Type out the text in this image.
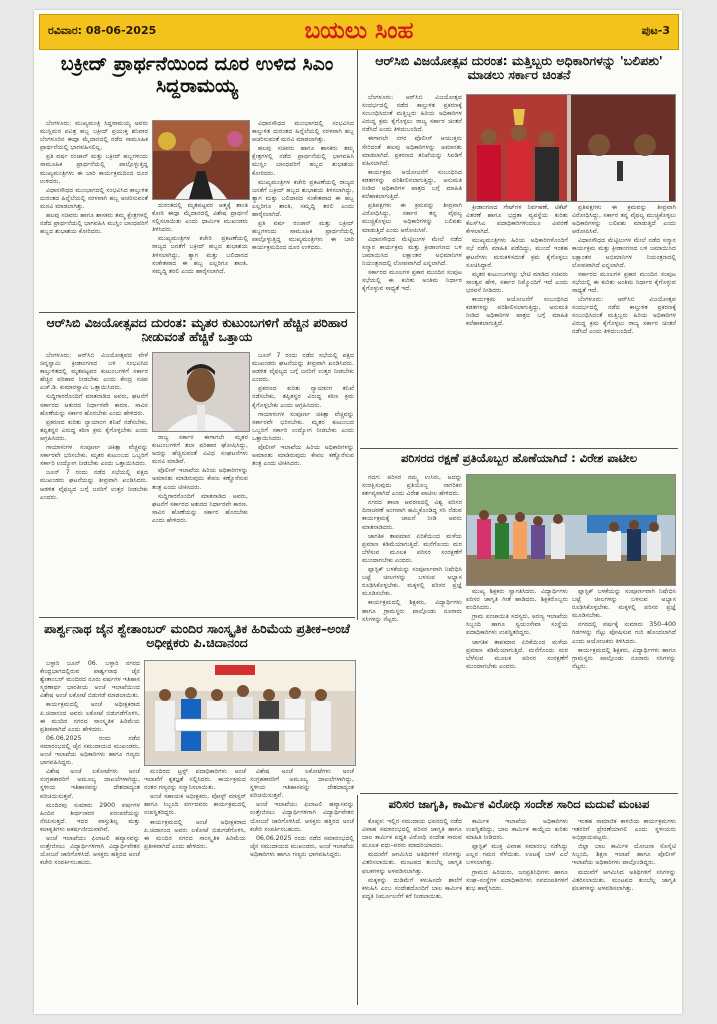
ರವಿವಾರ: 08-06-2025	ಬಯಲು ಸಿಂಹ	ಪುಟ-3
ಬಕ್ರೀದ್ ಪ್ರಾರ್ಥನೆಯಿಂದ ದೂರ ಉಳಿದ ಸಿಎಂ ಸಿದ್ದರಾಮಯ್ಯ

ಬೆಂಗಳೂರು: ಮುಖ್ಯಮಂತ್ರಿ ಸಿದ್ದರಾಮಯ್ಯ ಅವರು ಮುಸ್ಲಿಮರ ಪವಿತ್ರ ಹಬ್ಬ ಬಕ್ರೀದ್ ಪ್ರಯುಕ್ತ ಶನಿವಾರ ಬೆಂಗಳೂರಿನ ಈದ್ಗಾ ಮೈದಾನದಲ್ಲಿ ನಡೆದ ಸಾಮೂಹಿಕ ಪ್ರಾರ್ಥನೆಯಲ್ಲಿ ಭಾಗವಹಿಸಲಿಲ್ಲ.

ಪ್ರತಿ ವರ್ಷ ರಂಜಾನ್ ಮತ್ತು ಬಕ್ರೀದ್ ಹಬ್ಬಗಳಂದು ಸಾಮೂಹಿಕ ಪ್ರಾರ್ಥನೆಯಲ್ಲಿ ಪಾಲ್ಗೊಳ್ಳುತ್ತಿದ್ದ ಮುಖ್ಯಮಂತ್ರಿಗಳು ಈ ಬಾರಿ ಕಾರ್ಯಕ್ರಮದಿಂದ ದೂರ ಉಳಿದರು.

ವಿಧಾನಸೌಧದ ಮುಂಭಾಗದಲ್ಲಿ ಸಂಭವಿಸಿದ ಕಾಲ್ತುಳಿತ ದುರಂತದ ಹಿನ್ನೆಲೆಯಲ್ಲಿ ಸರಳವಾಗಿ ಹಬ್ಬ ಆಚರಿಸುವಂತೆ ಮನವಿ ಮಾಡಲಾಗಿತ್ತು.

ಹಲವು ಸಚಿವರು ಹಾಗೂ ಶಾಸಕರು ತಮ್ಮ ಕ್ಷೇತ್ರಗಳಲ್ಲಿ ನಡೆದ ಪ್ರಾರ್ಥನೆಯಲ್ಲಿ ಭಾಗವಹಿಸಿ ಮುಸ್ಲಿಂ ಬಾಂಧವರಿಗೆ ಹಬ್ಬದ ಶುಭಾಶಯ ಕೋರಿದರು.

ದುರಂತದಲ್ಲಿ ಮೃತಪಟ್ಟವರ ಆತ್ಮಕ್ಕೆ ಶಾಂತಿ ಕೋರಿ ಈದ್ಗಾ ಮೈದಾನದಲ್ಲಿ ವಿಶೇಷ ಪ್ರಾರ್ಥನೆ ಸಲ್ಲಿಸಲಾಯಿತು ಎಂದು ಧಾರ್ಮಿಕ ಮುಖಂಡರು ತಿಳಿಸಿದರು.

ಮುಖ್ಯಮಂತ್ರಿಗಳ ಕಚೇರಿ ಪ್ರಕಟಣೆಯಲ್ಲಿ ರಾಜ್ಯದ ಜನತೆಗೆ ಬಕ್ರೀದ್ ಹಬ್ಬದ ಶುಭಾಶಯ ತಿಳಿಸಲಾಗಿದ್ದು, ತ್ಯಾಗ ಮತ್ತು ಬಲಿದಾನದ ಸಂಕೇತವಾದ ಈ ಹಬ್ಬ ಎಲ್ಲರಿಗೂ ಶಾಂತಿ, ಸಮೃದ್ಧಿ ತರಲಿ ಎಂದು ಹಾರೈಸಲಾಗಿದೆ.

ವಿಧಾನಸೌಧದ ಮುಂಭಾಗದಲ್ಲಿ ಸಂಭವಿಸಿದ ಕಾಲ್ತುಳಿತ ದುರಂತದ ಹಿನ್ನೆಲೆಯಲ್ಲಿ ಸರಳವಾಗಿ ಹಬ್ಬ ಆಚರಿಸುವಂತೆ ಮನವಿ ಮಾಡಲಾಗಿತ್ತು.

ಹಲವು ಸಚಿವರು ಹಾಗೂ ಶಾಸಕರು ತಮ್ಮ ಕ್ಷೇತ್ರಗಳಲ್ಲಿ ನಡೆದ ಪ್ರಾರ್ಥನೆಯಲ್ಲಿ ಭಾಗವಹಿಸಿ ಮುಸ್ಲಿಂ ಬಾಂಧವರಿಗೆ ಹಬ್ಬದ ಶುಭಾಶಯ ಕೋರಿದರು.

ಮುಖ್ಯಮಂತ್ರಿಗಳ ಕಚೇರಿ ಪ್ರಕಟಣೆಯಲ್ಲಿ ರಾಜ್ಯದ ಜನತೆಗೆ ಬಕ್ರೀದ್ ಹಬ್ಬದ ಶುಭಾಶಯ ತಿಳಿಸಲಾಗಿದ್ದು, ತ್ಯಾಗ ಮತ್ತು ಬಲಿದಾನದ ಸಂಕೇತವಾದ ಈ ಹಬ್ಬ ಎಲ್ಲರಿಗೂ ಶಾಂತಿ, ಸಮೃದ್ಧಿ ತರಲಿ ಎಂದು ಹಾರೈಸಲಾಗಿದೆ.

ಪ್ರತಿ ವರ್ಷ ರಂಜಾನ್ ಮತ್ತು ಬಕ್ರೀದ್ ಹಬ್ಬಗಳಂದು ಸಾಮೂಹಿಕ ಪ್ರಾರ್ಥನೆಯಲ್ಲಿ ಪಾಲ್ಗೊಳ್ಳುತ್ತಿದ್ದ ಮುಖ್ಯಮಂತ್ರಿಗಳು ಈ ಬಾರಿ ಕಾರ್ಯಕ್ರಮದಿಂದ ದೂರ ಉಳಿದರು.

ಆರ್‌ಸಿಬಿ ವಿಜಯೋತ್ಸವದ ದುರಂತ: ಮೃತರ ಕುಟುಂಬಗಳಿಗೆ ಹೆಚ್ಚಿನ ಪರಿಹಾರ ನೀಡುವಂತೆ ಹೆಚ್ಚಿಕೆ ಒತ್ತಾಯ

ಬೆಂಗಳೂರು: ಆರ್‌ಸಿಬಿ ವಿಜಯೋತ್ಸವದ ವೇಳೆ ಚಿನ್ನಸ್ವಾಮಿ ಕ್ರೀಡಾಂಗಣದ ಬಳಿ ಸಂಭವಿಸಿದ ಕಾಲ್ತುಳಿತದಲ್ಲಿ ಮೃತಪಟ್ಟವರ ಕುಟುಂಬಗಳಿಗೆ ಸರ್ಕಾರ ಹೆಚ್ಚಿನ ಪರಿಹಾರ ನೀಡಬೇಕು ಎಂದು ಕೇಂದ್ರ ಸಚಿವ ಎಚ್.ಡಿ. ಕುಮಾರಸ್ವಾಮಿ ಒತ್ತಾಯಿಸಿದರು.

ಸುದ್ದಿಗಾರರೊಂದಿಗೆ ಮಾತನಾಡಿದ ಅವರು, ಘಟನೆಗೆ ಸರ್ಕಾರದ ಆತುರದ ನಿರ್ಧಾರವೇ ಕಾರಣ. ಸಾವಿನ ಹೊಣೆಯನ್ನು ಸರ್ಕಾರ ಹೊರಬೇಕು ಎಂದು ಹೇಳಿದರು.

ಪ್ರಕರಣದ ಕುರಿತು ನ್ಯಾಯಾಂಗ ತನಿಖೆ ನಡೆಸಬೇಕು, ತಪ್ಪಿತಸ್ಥರ ವಿರುದ್ಧ ಕಠಿಣ ಕ್ರಮ ಕೈಗೊಳ್ಳಬೇಕು ಎಂದು ಆಗ್ರಹಿಸಿದರು.

ಗಾಯಾಳುಗಳ ಸಂಪೂರ್ಣ ಚಿಕಿತ್ಸಾ ವೆಚ್ಚವನ್ನು ಸರ್ಕಾರವೇ ಭರಿಸಬೇಕು. ಮೃತರ ಕುಟುಂಬದ ಒಬ್ಬರಿಗೆ ಸರ್ಕಾರಿ ಉದ್ಯೋಗ ನೀಡಬೇಕು ಎಂದು ಒತ್ತಾಯಿಸಿದರು.

ಜೂನ್ 7 ರಂದು ನಡೆದ ಸಭೆಯಲ್ಲಿ ಪಕ್ಷದ ಮುಖಂಡರು ಘಟನೆಯನ್ನು ತೀವ್ರವಾಗಿ ಖಂಡಿಸಿದರು. ಆಡಳಿತ ವೈಫಲ್ಯದ ಬಗ್ಗೆ ಜನರಿಗೆ ಉತ್ತರ ನೀಡಬೇಕು ಎಂದರು.

ರಾಜ್ಯ ಸರ್ಕಾರ ಈಗಾಗಲೇ ಮೃತರ ಕುಟುಂಬಗಳಿಗೆ ತಲಾ ಪರಿಹಾರ ಘೋಷಿಸಿದ್ದು, ಅದನ್ನು ಹೆಚ್ಚಿಸುವಂತೆ ವಿವಿಧ ಸಂಘಟನೆಗಳು ಮನವಿ ಮಾಡಿವೆ.

ಪೊಲೀಸ್ ಇಲಾಖೆಯ ಹಿರಿಯ ಅಧಿಕಾರಿಗಳನ್ನು ಅಮಾನತು ಮಾಡಿರುವುದು ಕೇವಲ ಕಣ್ಣೊರೆಸುವ ತಂತ್ರ ಎಂದು ಟೀಕಿಸಿದರು.

ಸುದ್ದಿಗಾರರೊಂದಿಗೆ ಮಾತನಾಡಿದ ಅವರು, ಘಟನೆಗೆ ಸರ್ಕಾರದ ಆತುರದ ನಿರ್ಧಾರವೇ ಕಾರಣ. ಸಾವಿನ ಹೊಣೆಯನ್ನು ಸರ್ಕಾರ ಹೊರಬೇಕು ಎಂದು ಹೇಳಿದರು.

ಜೂನ್ 7 ರಂದು ನಡೆದ ಸಭೆಯಲ್ಲಿ ಪಕ್ಷದ ಮುಖಂಡರು ಘಟನೆಯನ್ನು ತೀವ್ರವಾಗಿ ಖಂಡಿಸಿದರು. ಆಡಳಿತ ವೈಫಲ್ಯದ ಬಗ್ಗೆ ಜನರಿಗೆ ಉತ್ತರ ನೀಡಬೇಕು ಎಂದರು.

ಪ್ರಕರಣದ ಕುರಿತು ನ್ಯಾಯಾಂಗ ತನಿಖೆ ನಡೆಸಬೇಕು, ತಪ್ಪಿತಸ್ಥರ ವಿರುದ್ಧ ಕಠಿಣ ಕ್ರಮ ಕೈಗೊಳ್ಳಬೇಕು ಎಂದು ಆಗ್ರಹಿಸಿದರು.

ಗಾಯಾಳುಗಳ ಸಂಪೂರ್ಣ ಚಿಕಿತ್ಸಾ ವೆಚ್ಚವನ್ನು ಸರ್ಕಾರವೇ ಭರಿಸಬೇಕು. ಮೃತರ ಕುಟುಂಬದ ಒಬ್ಬರಿಗೆ ಸರ್ಕಾರಿ ಉದ್ಯೋಗ ನೀಡಬೇಕು ಎಂದು ಒತ್ತಾಯಿಸಿದರು.

ಪೊಲೀಸ್ ಇಲಾಖೆಯ ಹಿರಿಯ ಅಧಿಕಾರಿಗಳನ್ನು ಅಮಾನತು ಮಾಡಿರುವುದು ಕೇವಲ ಕಣ್ಣೊರೆಸುವ ತಂತ್ರ ಎಂದು ಟೀಕಿಸಿದರು.

ಆರ್‌ಸಿಬಿ ವಿಜಯೋತ್ಸವ ದುರಂತ: ಮತ್ತಿಬ್ಬರು ಅಧಿಕಾರಿಗಳನ್ನು 'ಬಲಿಪಶು' ಮಾಡಲು ಸರ್ಕಾರ ಚಿಂತನೆ

ಬೆಂಗಳೂರು: ಆರ್‌ಸಿಬಿ ವಿಜಯೋತ್ಸವ ಸಂದರ್ಭದಲ್ಲಿ ನಡೆದ ಕಾಲ್ತುಳಿತ ಪ್ರಕರಣಕ್ಕೆ ಸಂಬಂಧಿಸಿದಂತೆ ಮತ್ತಿಬ್ಬರು ಹಿರಿಯ ಅಧಿಕಾರಿಗಳ ವಿರುದ್ಧ ಕ್ರಮ ಕೈಗೊಳ್ಳಲು ರಾಜ್ಯ ಸರ್ಕಾರ ಚಿಂತನೆ ನಡೆಸಿದೆ ಎಂದು ತಿಳಿದುಬಂದಿದೆ.

ಈಗಾಗಲೇ ನಗರ ಪೊಲೀಸ್ ಆಯುಕ್ತರು ಸೇರಿದಂತೆ ಹಲವು ಅಧಿಕಾರಿಗಳನ್ನು ಅಮಾನತು ಮಾಡಲಾಗಿದೆ. ಪ್ರಕರಣದ ತನಿಖೆಯನ್ನು ಸಿಐಡಿಗೆ ವಹಿಸಲಾಗಿದೆ.

ಕಾರ್ಯಕ್ರಮ ಆಯೋಜನೆಗೆ ಸಂಬಂಧಿಸಿದ ಕಡತಗಳನ್ನು ಪರಿಶೀಲಿಸಲಾಗುತ್ತಿದ್ದು, ಅನುಮತಿ ನೀಡಿದ ಅಧಿಕಾರಿಗಳ ಪಾತ್ರದ ಬಗ್ಗೆ ಮಾಹಿತಿ ಕಲೆಹಾಕಲಾಗುತ್ತಿದೆ.

ಪ್ರತಿಪಕ್ಷಗಳು ಈ ಕ್ರಮವನ್ನು ತೀವ್ರವಾಗಿ ವಿರೋಧಿಸಿದ್ದು, ಸರ್ಕಾರ ತನ್ನ ವೈಫಲ್ಯ ಮುಚ್ಚಿಕೊಳ್ಳಲು ಅಧಿಕಾರಿಗಳನ್ನು ಬಲಿಪಶು ಮಾಡುತ್ತಿದೆ ಎಂದು ಆರೋಪಿಸಿವೆ.

ವಿಧಾನಸೌಧದ ಮೆಟ್ಟಿಲುಗಳ ಮೇಲೆ ನಡೆದ ಸನ್ಮಾನ ಕಾರ್ಯಕ್ರಮ ಮತ್ತು ಕ್ರೀಡಾಂಗಣದ ಬಳಿ ಜಮಾಯಿಸಿದ ಲಕ್ಷಾಂತರ ಅಭಿಮಾನಿಗಳ ನಿಯಂತ್ರಣದಲ್ಲಿ ಲೋಪವಾಗಿದೆ ಎನ್ನಲಾಗಿದೆ.

ಸರ್ಕಾರದ ಮೂಲಗಳ ಪ್ರಕಾರ ಮುಂದಿನ ಸಂಪುಟ ಸಭೆಯಲ್ಲಿ ಈ ಕುರಿತು ಅಂತಿಮ ನಿರ್ಧಾರ ಕೈಗೊಳ್ಳುವ ಸಾಧ್ಯತೆ ಇದೆ.

ಕ್ರೀಡಾಂಗಣದ ಗೇಟ್‌ಗಳ ನಿರ್ವಹಣೆ, ಟಿಕೆಟ್ ವಿತರಣೆ ಹಾಗೂ ಭದ್ರತಾ ವ್ಯವಸ್ಥೆಯ ಕುರಿತು ಕೆಎಸ್‌ಸಿಎ ಪದಾಧಿಕಾರಿಗಳಿಂದಲೂ ವಿವರಣೆ ಕೇಳಲಾಗಿದೆ.

ಮುಖ್ಯಮಂತ್ರಿಗಳು ಹಿರಿಯ ಅಧಿಕಾರಿಗಳೊಂದಿಗೆ ಸಭೆ ನಡೆಸಿ ಮಾಹಿತಿ ಪಡೆದಿದ್ದು, ಮುಂದೆ ಇಂತಹ ಘಟನೆಗಳು ಮರುಕಳಿಸದಂತೆ ಕ್ರಮ ಕೈಗೊಳ್ಳಲು ಸೂಚಿಸಿದ್ದಾರೆ.

ಮೃತರ ಕುಟುಂಬಗಳನ್ನು ಭೇಟಿ ಮಾಡಿದ ಸಚಿವರು ಸಾಂತ್ವನ ಹೇಳಿ, ಸರ್ಕಾರ ನಿಮ್ಮೊಂದಿಗೆ ಇದೆ ಎಂದು ಭರವಸೆ ನೀಡಿದರು.

ಕಾರ್ಯಕ್ರಮ ಆಯೋಜನೆಗೆ ಸಂಬಂಧಿಸಿದ ಕಡತಗಳನ್ನು ಪರಿಶೀಲಿಸಲಾಗುತ್ತಿದ್ದು, ಅನುಮತಿ ನೀಡಿದ ಅಧಿಕಾರಿಗಳ ಪಾತ್ರದ ಬಗ್ಗೆ ಮಾಹಿತಿ ಕಲೆಹಾಕಲಾಗುತ್ತಿದೆ.

ಪ್ರತಿಪಕ್ಷಗಳು ಈ ಕ್ರಮವನ್ನು ತೀವ್ರವಾಗಿ ವಿರೋಧಿಸಿದ್ದು, ಸರ್ಕಾರ ತನ್ನ ವೈಫಲ್ಯ ಮುಚ್ಚಿಕೊಳ್ಳಲು ಅಧಿಕಾರಿಗಳನ್ನು ಬಲಿಪಶು ಮಾಡುತ್ತಿದೆ ಎಂದು ಆರೋಪಿಸಿವೆ.

ವಿಧಾನಸೌಧದ ಮೆಟ್ಟಿಲುಗಳ ಮೇಲೆ ನಡೆದ ಸನ್ಮಾನ ಕಾರ್ಯಕ್ರಮ ಮತ್ತು ಕ್ರೀಡಾಂಗಣದ ಬಳಿ ಜಮಾಯಿಸಿದ ಲಕ್ಷಾಂತರ ಅಭಿಮಾನಿಗಳ ನಿಯಂತ್ರಣದಲ್ಲಿ ಲೋಪವಾಗಿದೆ ಎನ್ನಲಾಗಿದೆ.

ಸರ್ಕಾರದ ಮೂಲಗಳ ಪ್ರಕಾರ ಮುಂದಿನ ಸಂಪುಟ ಸಭೆಯಲ್ಲಿ ಈ ಕುರಿತು ಅಂತಿಮ ನಿರ್ಧಾರ ಕೈಗೊಳ್ಳುವ ಸಾಧ್ಯತೆ ಇದೆ.

ಬೆಂಗಳೂರು: ಆರ್‌ಸಿಬಿ ವಿಜಯೋತ್ಸವ ಸಂದರ್ಭದಲ್ಲಿ ನಡೆದ ಕಾಲ್ತುಳಿತ ಪ್ರಕರಣಕ್ಕೆ ಸಂಬಂಧಿಸಿದಂತೆ ಮತ್ತಿಬ್ಬರು ಹಿರಿಯ ಅಧಿಕಾರಿಗಳ ವಿರುದ್ಧ ಕ್ರಮ ಕೈಗೊಳ್ಳಲು ರಾಜ್ಯ ಸರ್ಕಾರ ಚಿಂತನೆ ನಡೆಸಿದೆ ಎಂದು ತಿಳಿದುಬಂದಿದೆ.

ಪರಿಸರದ ರಕ್ಷಣೆ ಪ್ರತಿಯೊಬ್ಬರ ಹೊಣೆಯಾಗಿದೆ : ವಿರೇಶ ಪಾಟೀಲ

ಗದಗ: ಪರಿಸರ ನಮ್ಮ ಉಸಿರು, ಅದನ್ನು ಸಂರಕ್ಷಿಸುವುದು ಪ್ರತಿಯೊಬ್ಬ ನಾಗರಿಕನ ಕರ್ತವ್ಯವಾಗಿದೆ ಎಂದು ವಿರೇಶ ಪಾಟೀಲ ಹೇಳಿದರು.

ನಗರದ ಶಾಲಾ ಆವರಣದಲ್ಲಿ ವಿಶ್ವ ಪರಿಸರ ದಿನಾಚರಣೆ ಅಂಗವಾಗಿ ಹಮ್ಮಿಕೊಂಡಿದ್ದ ಸಸಿ ನೆಡುವ ಕಾರ್ಯಕ್ರಮಕ್ಕೆ ಚಾಲನೆ ನೀಡಿ ಅವರು ಮಾತನಾಡಿದರು.

ಜಾಗತಿಕ ತಾಪಮಾನ ಏರಿಕೆಯಿಂದ ಮಳೆಯ ಪ್ರಮಾಣ ಕಡಿಮೆಯಾಗುತ್ತಿದೆ. ಮನೆಗೊಂದು ಮರ ಬೆಳೆಸುವ ಮೂಲಕ ಪರಿಸರ ಸಂರಕ್ಷಣೆಗೆ ಮುಂದಾಗಬೇಕು ಎಂದರು.

ಪ್ಲಾಸ್ಟಿಕ್ ಬಳಕೆಯನ್ನು ಸಂಪೂರ್ಣವಾಗಿ ನಿಷೇಧಿಸಿ ಬಟ್ಟೆ ಚೀಲಗಳನ್ನು ಬಳಸುವ ಅಭ್ಯಾಸ ರೂಢಿಸಿಕೊಳ್ಳಬೇಕು. ಮಕ್ಕಳಲ್ಲಿ ಪರಿಸರ ಪ್ರಜ್ಞೆ ಮೂಡಿಸಬೇಕು.

ಕಾರ್ಯಕ್ರಮದಲ್ಲಿ ಶಿಕ್ಷಕರು, ವಿದ್ಯಾರ್ಥಿಗಳು ಹಾಗೂ ಗ್ರಾಮಸ್ಥರು ಪಾಲ್ಗೊಂಡು ನೂರಾರು ಸಸಿಗಳನ್ನು ನೆಟ್ಟರು.

ಮುಖ್ಯ ಶಿಕ್ಷಕರು ಸ್ವಾಗತಿಸಿದರು. ವಿದ್ಯಾರ್ಥಿಗಳು ಪರಿಸರ ಜಾಗೃತಿ ಗೀತೆ ಹಾಡಿದರು. ಶಿಕ್ಷಕರೊಬ್ಬರು ವಂದಿಸಿದರು.

ಗ್ರಾಮ ಪಂಚಾಯಿತಿ ಸದಸ್ಯರು, ಅರಣ್ಯ ಇಲಾಖೆಯ ಸಿಬ್ಬಂದಿ ಹಾಗೂ ಸ್ವಯಂಸೇವಾ ಸಂಸ್ಥೆಯ ಪದಾಧಿಕಾರಿಗಳು ಉಪಸ್ಥಿತರಿದ್ದರು.

ಜಾಗತಿಕ ತಾಪಮಾನ ಏರಿಕೆಯಿಂದ ಮಳೆಯ ಪ್ರಮಾಣ ಕಡಿಮೆಯಾಗುತ್ತಿದೆ. ಮನೆಗೊಂದು ಮರ ಬೆಳೆಸುವ ಮೂಲಕ ಪರಿಸರ ಸಂರಕ್ಷಣೆಗೆ ಮುಂದಾಗಬೇಕು ಎಂದರು.

ಪ್ಲಾಸ್ಟಿಕ್ ಬಳಕೆಯನ್ನು ಸಂಪೂರ್ಣವಾಗಿ ನಿಷೇಧಿಸಿ ಬಟ್ಟೆ ಚೀಲಗಳನ್ನು ಬಳಸುವ ಅಭ್ಯಾಸ ರೂಢಿಸಿಕೊಳ್ಳಬೇಕು. ಮಕ್ಕಳಲ್ಲಿ ಪರಿಸರ ಪ್ರಜ್ಞೆ ಮೂಡಿಸಬೇಕು.

ನಗರದಲ್ಲಿ ವರ್ಷಕ್ಕೆ ಸುಮಾರು 350–400 ಗಿಡಗಳನ್ನು ನೆಟ್ಟು ಪೋಷಿಸುವ ಗುರಿ ಹೊಂದಲಾಗಿದೆ ಎಂದು ಆಯೋಜಕರು ತಿಳಿಸಿದರು.

ಕಾರ್ಯಕ್ರಮದಲ್ಲಿ ಶಿಕ್ಷಕರು, ವಿದ್ಯಾರ್ಥಿಗಳು ಹಾಗೂ ಗ್ರಾಮಸ್ಥರು ಪಾಲ್ಗೊಂಡು ನೂರಾರು ಸಸಿಗಳನ್ನು ನೆಟ್ಟರು.

ಪಾರ್ಶ್ವನಾಥ ಜೈನ ಶ್ವೇತಾಂಬರ್ ಮಂದಿರ ಸಾಂಸ್ಕೃತಿಕ ಹಿರಿಮೆಯ ಪ್ರತೀಕ–ಅಂಚೆ ಅಧೀಕ್ಷಕರು ಪಿ.ಚಿದಾನಂದ

ಬಳ್ಳಾರಿ ಜೂನ್ 06. ಬಳ್ಳಾರಿ ನಗರದ ಕೇಂದ್ರಭಾಗದಲ್ಲಿರುವ ಪಾರ್ಶ್ವನಾಥ ಜೈನ ಶ್ವೇತಾಂಬರ್ ಮಂದಿರದ ನೂರು ವರ್ಷಗಳ ಇತಿಹಾಸ ಸ್ಮರಣಾರ್ಥ ಭಾರತೀಯ ಅಂಚೆ ಇಲಾಖೆಯಿಂದ ವಿಶೇಷ ಅಂಚೆ ಲಕೋಟೆ ಬಿಡುಗಡೆ ಮಾಡಲಾಯಿತು.

ಕಾರ್ಯಕ್ರಮದಲ್ಲಿ ಅಂಚೆ ಅಧೀಕ್ಷಕರಾದ ಪಿ.ಚಿದಾನಂದ ಅವರು ಲಕೋಟೆ ಬಿಡುಗಡೆಗೊಳಿಸಿ, ಈ ಮಂದಿರ ನಗರದ ಸಾಂಸ್ಕೃತಿಕ ಹಿರಿಮೆಯ ಪ್ರತೀಕವಾಗಿದೆ ಎಂದು ಹೇಳಿದರು.

06.06.2025 ರಂದು ನಡೆದ ಸಮಾರಂಭದಲ್ಲಿ ಜೈನ ಸಮುದಾಯದ ಮುಖಂಡರು, ಅಂಚೆ ಇಲಾಖೆಯ ಅಧಿಕಾರಿಗಳು ಹಾಗೂ ಗಣ್ಯರು ಭಾಗವಹಿಸಿದ್ದರು.

ವಿಶೇಷ ಅಂಚೆ ಲಕೋಟೆಗಳು ಅಂಚೆ ಸಂಗ್ರಹಕಾರರಿಗೆ ಅಮೂಲ್ಯ ದಾಖಲೆಗಳಾಗಿದ್ದು, ಸ್ಥಳೀಯ ಇತಿಹಾಸವನ್ನು ದೇಶದಾದ್ಯಂತ ಪರಿಚಯಿಸುತ್ತವೆ.

ಮಂದಿರವು ಸುಮಾರು 2900 ವರ್ಷಗಳ ಹಿಂದಿನ ತೀರ್ಥಂಕರರ ಪರಂಪರೆಯನ್ನು ನೆನಪಿಸುತ್ತದೆ. ಇದರ ವಾಸ್ತುಶಿಲ್ಪ ಮತ್ತು ಕಲಾಕೃತಿಗಳು ಆಕರ್ಷಣೀಯವಾಗಿವೆ.

ಅಂಚೆ ಇಲಾಖೆಯು ಫಿಲಾಟಲಿ ಹವ್ಯಾಸವನ್ನು ಉತ್ತೇಜಿಸಲು ವಿದ್ಯಾರ್ಥಿಗಳಿಗಾಗಿ ವಿದ್ಯಾರ್ಥಿವೇತನ ಯೋಜನೆ ಜಾರಿಗೊಳಿಸಿದೆ. ಆಸಕ್ತರು ಹತ್ತಿರದ ಅಂಚೆ ಕಚೇರಿ ಸಂಪರ್ಕಿಸಬಹುದು.

ಮಂದಿರದ ಟ್ರಸ್ಟ್ ಪದಾಧಿಕಾರಿಗಳು ಅಂಚೆ ಇಲಾಖೆಗೆ ಕೃತಜ್ಞತೆ ಸಲ್ಲಿಸಿದರು. ಕಾರ್ಯಕ್ರಮದ ನಂತರ ಗಣ್ಯರನ್ನು ಸನ್ಮಾನಿಸಲಾಯಿತು.

ಅಂಚೆ ಸಹಾಯಕ ಅಧೀಕ್ಷಕರು, ಪೋಸ್ಟ್ ಮಾಸ್ಟರ್ ಹಾಗೂ ಸಿಬ್ಬಂದಿ ವರ್ಗದವರು ಕಾರ್ಯಕ್ರಮದಲ್ಲಿ ಉಪಸ್ಥಿತರಿದ್ದರು.

ಕಾರ್ಯಕ್ರಮದಲ್ಲಿ ಅಂಚೆ ಅಧೀಕ್ಷಕರಾದ ಪಿ.ಚಿದಾನಂದ ಅವರು ಲಕೋಟೆ ಬಿಡುಗಡೆಗೊಳಿಸಿ, ಈ ಮಂದಿರ ನಗರದ ಸಾಂಸ್ಕೃತಿಕ ಹಿರಿಮೆಯ ಪ್ರತೀಕವಾಗಿದೆ ಎಂದು ಹೇಳಿದರು.

ವಿಶೇಷ ಅಂಚೆ ಲಕೋಟೆಗಳು ಅಂಚೆ ಸಂಗ್ರಹಕಾರರಿಗೆ ಅಮೂಲ್ಯ ದಾಖಲೆಗಳಾಗಿದ್ದು, ಸ್ಥಳೀಯ ಇತಿಹಾಸವನ್ನು ದೇಶದಾದ್ಯಂತ ಪರಿಚಯಿಸುತ್ತವೆ.

ಅಂಚೆ ಇಲಾಖೆಯು ಫಿಲಾಟಲಿ ಹವ್ಯಾಸವನ್ನು ಉತ್ತೇಜಿಸಲು ವಿದ್ಯಾರ್ಥಿಗಳಿಗಾಗಿ ವಿದ್ಯಾರ್ಥಿವೇತನ ಯೋಜನೆ ಜಾರಿಗೊಳಿಸಿದೆ. ಆಸಕ್ತರು ಹತ್ತಿರದ ಅಂಚೆ ಕಚೇರಿ ಸಂಪರ್ಕಿಸಬಹುದು.

06.06.2025 ರಂದು ನಡೆದ ಸಮಾರಂಭದಲ್ಲಿ ಜೈನ ಸಮುದಾಯದ ಮುಖಂಡರು, ಅಂಚೆ ಇಲಾಖೆಯ ಅಧಿಕಾರಿಗಳು ಹಾಗೂ ಗಣ್ಯರು ಭಾಗವಹಿಸಿದ್ದರು.

ಪರಿಸರ ಜಾಗೃತಿ, ಕಾರ್ಮಿಕ ವಿರೋಧಿ ಸಂದೇಶ ಸಾರಿದ ಮದುವೆ ಮಂಟಪ

ಕೊಪ್ಪಳ: ಇಲ್ಲಿನ ಸಮುದಾಯ ಭವನದಲ್ಲಿ ನಡೆದ ವಿವಾಹ ಸಮಾರಂಭದಲ್ಲಿ ಪರಿಸರ ಜಾಗೃತಿ ಹಾಗೂ ಬಾಲ ಕಾರ್ಮಿಕ ಪದ್ಧತಿ ವಿರೋಧಿ ಸಂದೇಶ ಸಾರುವ ಮೂಲಕ ವಧು–ವರರು ಮಾದರಿಯಾದರು.

ಮದುವೆಗೆ ಆಗಮಿಸಿದ ಅತಿಥಿಗಳಿಗೆ ಸಸಿಗಳನ್ನು ವಿತರಿಸಲಾಯಿತು. ಮಂಟಪದ ತುಂಬೆಲ್ಲ ಜಾಗೃತಿ ಫಲಕಗಳನ್ನು ಅಳವಡಿಸಲಾಗಿತ್ತು.

ಮಕ್ಕಳನ್ನು ದುಡಿಮೆಗೆ ಕಳುಹಿಸದೇ ಶಾಲೆಗೆ ಕಳುಹಿಸಿ ಎಂಬ ಸಂದೇಶದೊಂದಿಗೆ ಬಾಲ ಕಾರ್ಮಿಕ ಪದ್ಧತಿ ನಿರ್ಮೂಲನೆಗೆ ಕರೆ ನೀಡಲಾಯಿತು.

ಕಾರ್ಮಿಕ ಇಲಾಖೆಯ ಅಧಿಕಾರಿಗಳು ಉಪಸ್ಥಿತರಿದ್ದು, ಬಾಲ ಕಾರ್ಮಿಕ ಕಾಯ್ದೆಯ ಕುರಿತು ಮಾಹಿತಿ ನೀಡಿದರು.

ಪ್ಲಾಸ್ಟಿಕ್ ಮುಕ್ತ ವಿವಾಹ ಸಮಾರಂಭ ನಡೆಸಿದ್ದು ಎಲ್ಲರ ಗಮನ ಸೆಳೆಯಿತು. ಊಟಕ್ಕೆ ಬಾಳೆ ಎಲೆ ಬಳಸಲಾಗಿತ್ತು.

ಗ್ರಾಮದ ಹಿರಿಯರು, ಜನಪ್ರತಿನಿಧಿಗಳು ಹಾಗೂ ಸಂಘ–ಸಂಸ್ಥೆಗಳ ಪದಾಧಿಕಾರಿಗಳು ನವದಂಪತಿಗಳಿಗೆ ಶುಭ ಹಾರೈಸಿದರು.

ಇಂತಹ ಸಾಮಾಜಿಕ ಕಾಳಜಿಯ ಕಾರ್ಯಕ್ರಮಗಳು ಇತರರಿಗೆ ಪ್ರೇರಣೆಯಾಗಲಿ ಎಂದು ಸ್ಥಳೀಯರು ಅಭಿಪ್ರಾಯಪಟ್ಟರು.

ಜಿಲ್ಲಾ ಬಾಲ ಕಾರ್ಮಿಕ ಯೋಜನಾ ಸೊಸೈಟಿ ಸಿಬ್ಬಂದಿ, ಶಿಕ್ಷಣ ಇಲಾಖೆ ಹಾಗೂ ಪೊಲೀಸ್ ಇಲಾಖೆಯ ಅಧಿಕಾರಿಗಳು ಪಾಲ್ಗೊಂಡಿದ್ದರು.

ಮದುವೆಗೆ ಆಗಮಿಸಿದ ಅತಿಥಿಗಳಿಗೆ ಸಸಿಗಳನ್ನು ವಿತರಿಸಲಾಯಿತು. ಮಂಟಪದ ತುಂಬೆಲ್ಲ ಜಾಗೃತಿ ಫಲಕಗಳನ್ನು ಅಳವಡಿಸಲಾಗಿತ್ತು.
